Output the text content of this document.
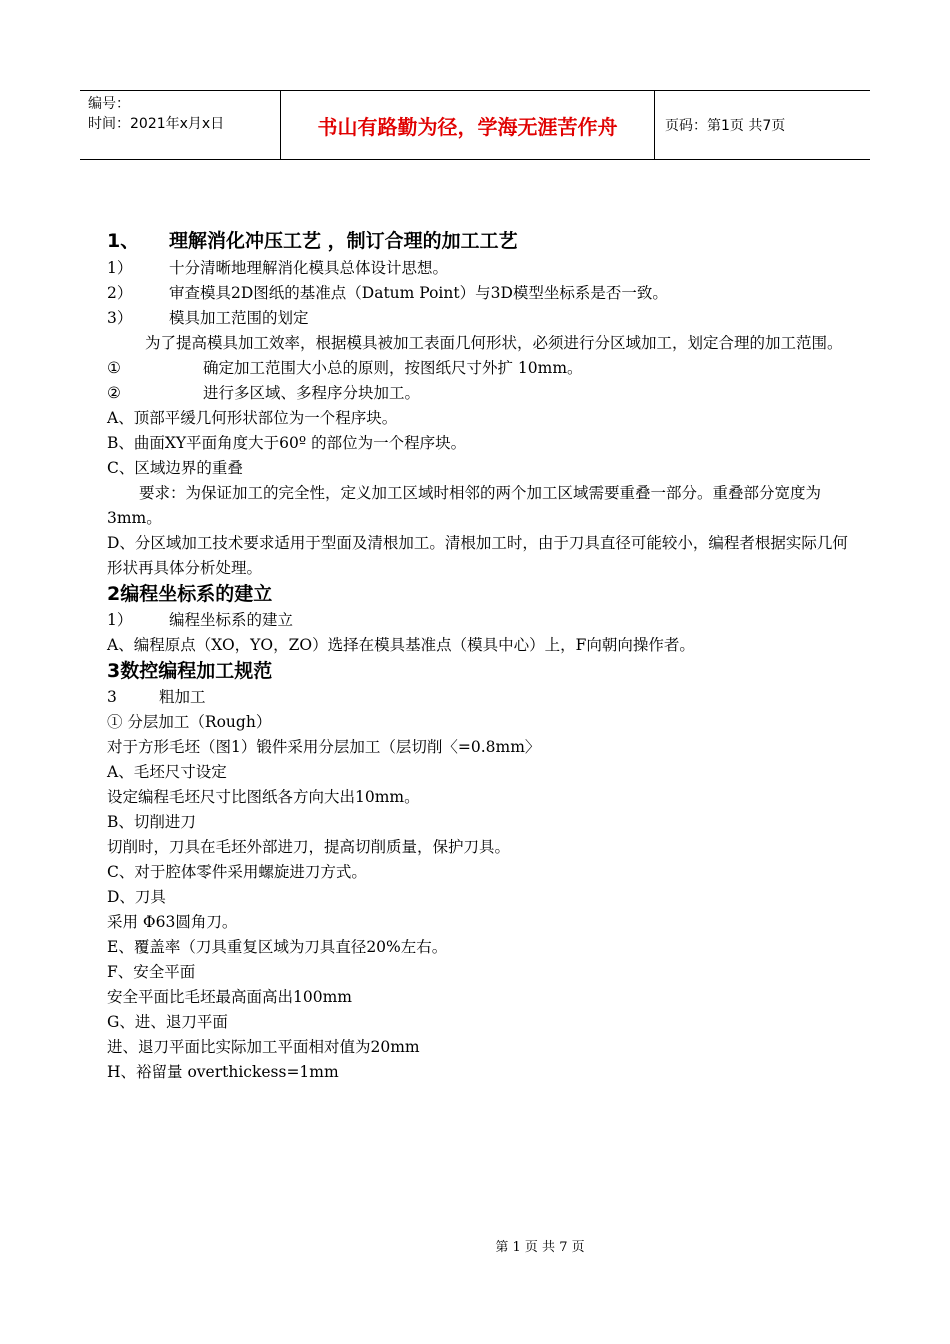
编号：
时间：2021年x月x日	书山有路勤为径，学海无涯苦作舟	页码：第1页 共7页
1、 理解消化冲压工艺 ，制订合理的加工工艺
1） 十分清晰地理解消化模具总体设计思想。
2） 审查模具2D图纸的基准点（Datum Point）与3D模型坐标系是否一致。
3） 模具加工范围的划定
为了提高模具加工效率，根据模具被加工表面几何形状，必须进行分区域加工，划定合理的加工范围。
①	确定加工范围大小总的原则，按图纸尺寸外扩 10mm。
②	进行多区域、多程序分块加工。
A、顶部平缓几何形状部位为一个程序块。
B、曲面XY平面角度大于60º 的部位为一个程序块。
C、区域边界的重叠
要求：为保证加工的完全性，定义加工区域时相邻的两个加工区域需要重叠一部分。重叠部分宽度为3mm。
D、分区域加工技术要求适用于型面及清根加工。清根加工时，由于刀具直径可能较小，编程者根据实际几何形状再具体分析处理。
2编程坐标系的建立
1） 编程坐标系的建立
A、编程原点（XO，YO，ZO）选择在模具基准点（模具中心）上，F向朝向操作者。
3数控编程加工规范
3	粗加工
① 分层加工（Rough）
对于方形毛坯（图1）锻件采用分层加工（层切削〈=0.8mm〉
A、毛坯尺寸设定
设定编程毛坯尺寸比图纸各方向大出10mm。
B、切削进刀
切削时，刀具在毛坯外部进刀，提高切削质量，保护刀具。
C、对于腔体零件采用螺旋进刀方式。
D、刀具
采用 Φ63圆角刀。
E、覆盖率（刀具重复区域为刀具直径20%左右。
F、安全平面
安全平面比毛坯最高面高出100mm
G、进、退刀平面
进、退刀平面比实际加工平面相对值为20mm
H、裕留量 overthickess=1mm
第 1 页 共 7 页
